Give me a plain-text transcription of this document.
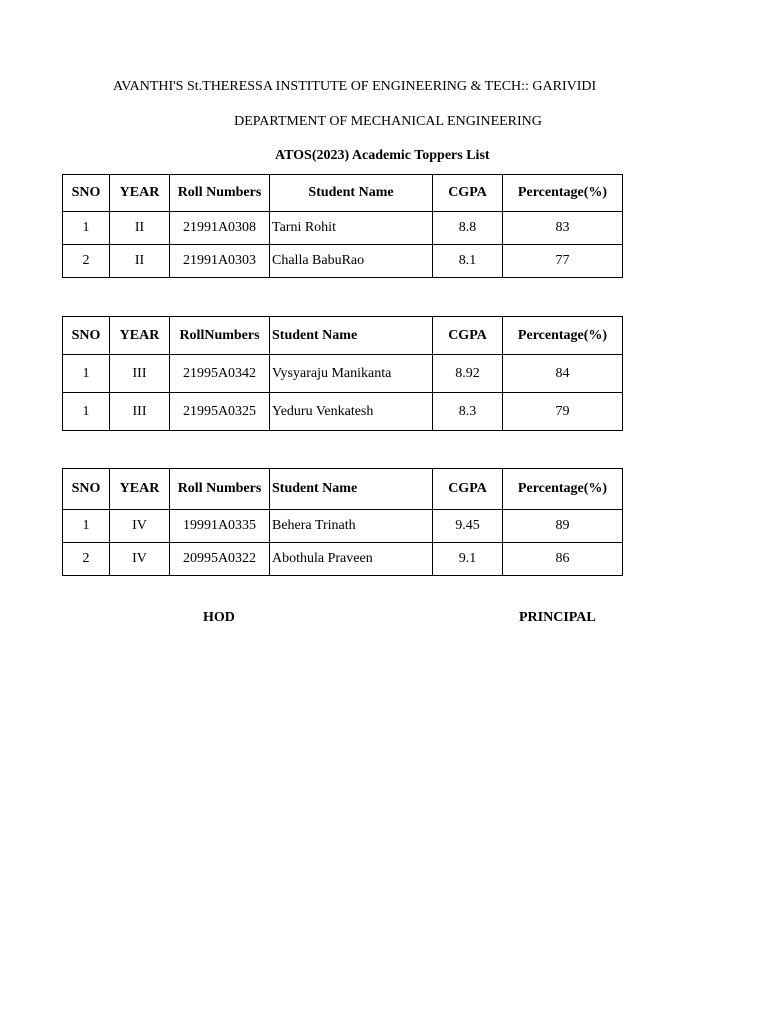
AVANTHI'S St.THERESSA INSTITUTE OF ENGINEERING & TECH:: GARIVIDI
DEPARTMENT OF MECHANICAL ENGINEERING
ATOS(2023) Academic Toppers List
SNO	YEAR	Roll Numbers	Student Name	CGPA	Percentage(%)
1	II	21991A0308	Tarni Rohit	8.8	83
2	II	21991A0303	Challa BabuRao	8.1	77
SNO	YEAR	RollNumbers	Student Name	CGPA	Percentage(%)
1	III	21995A0342	Vysyaraju Manikanta	8.92	84
1	III	21995A0325	Yeduru Venkatesh	8.3	79
SNO	YEAR	Roll Numbers	Student Name	CGPA	Percentage(%)
1	IV	19991A0335	Behera Trinath	9.45	89
2	IV	20995A0322	Abothula Praveen	9.1	86
HOD	PRINCIPAL
